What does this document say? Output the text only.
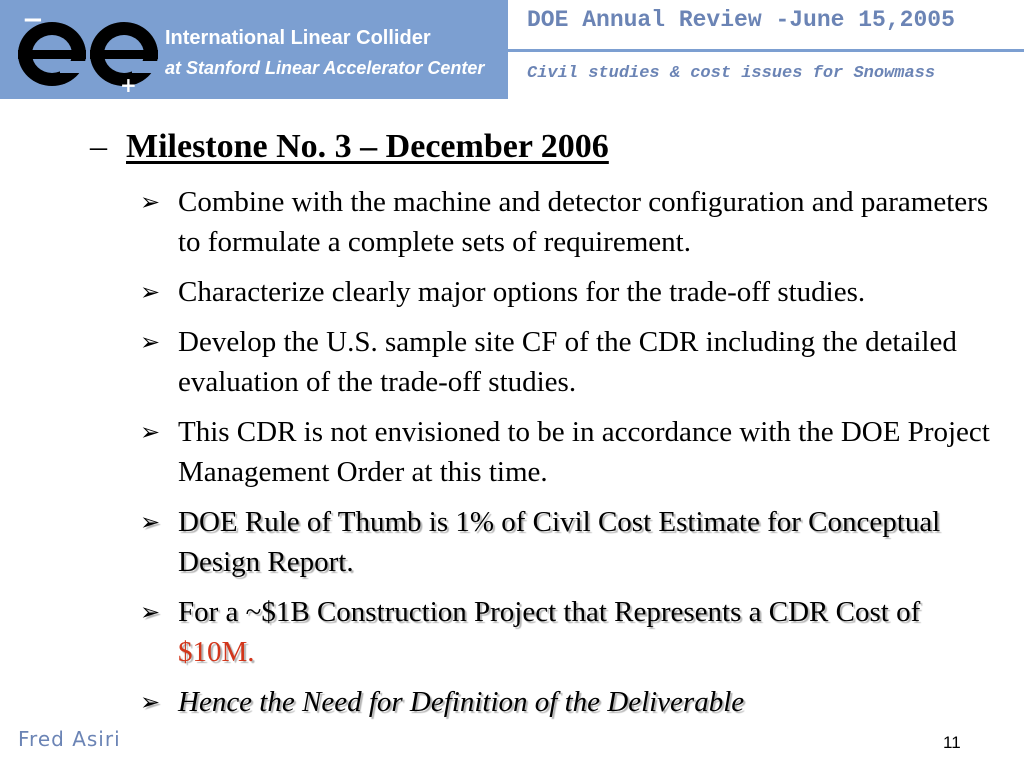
−
+
International Linear Collider
at Stanford Linear Accelerator Center
DOE Annual Review -June 15,2005
Civil studies & cost issues for Snowmass
– Milestone No. 3 – December 2006
➢ Combine with the machine and detector configuration and parameters to formulate a complete sets of requirement.
➢ Characterize clearly major options for the trade-off studies.
➢ Develop the U.S. sample site CF of the CDR including the detailed evaluation of the trade-off studies.
➢ This CDR is not envisioned to be in accordance with the DOE Project Management Order at this time.
➢ DOE Rule of Thumb is 1% of Civil Cost Estimate for Conceptual Design Report.
➢ For a ~$1B Construction Project that Represents a CDR Cost of $10M.
➢ Hence the Need for Definition of the Deliverable
Fred Asiri	11
